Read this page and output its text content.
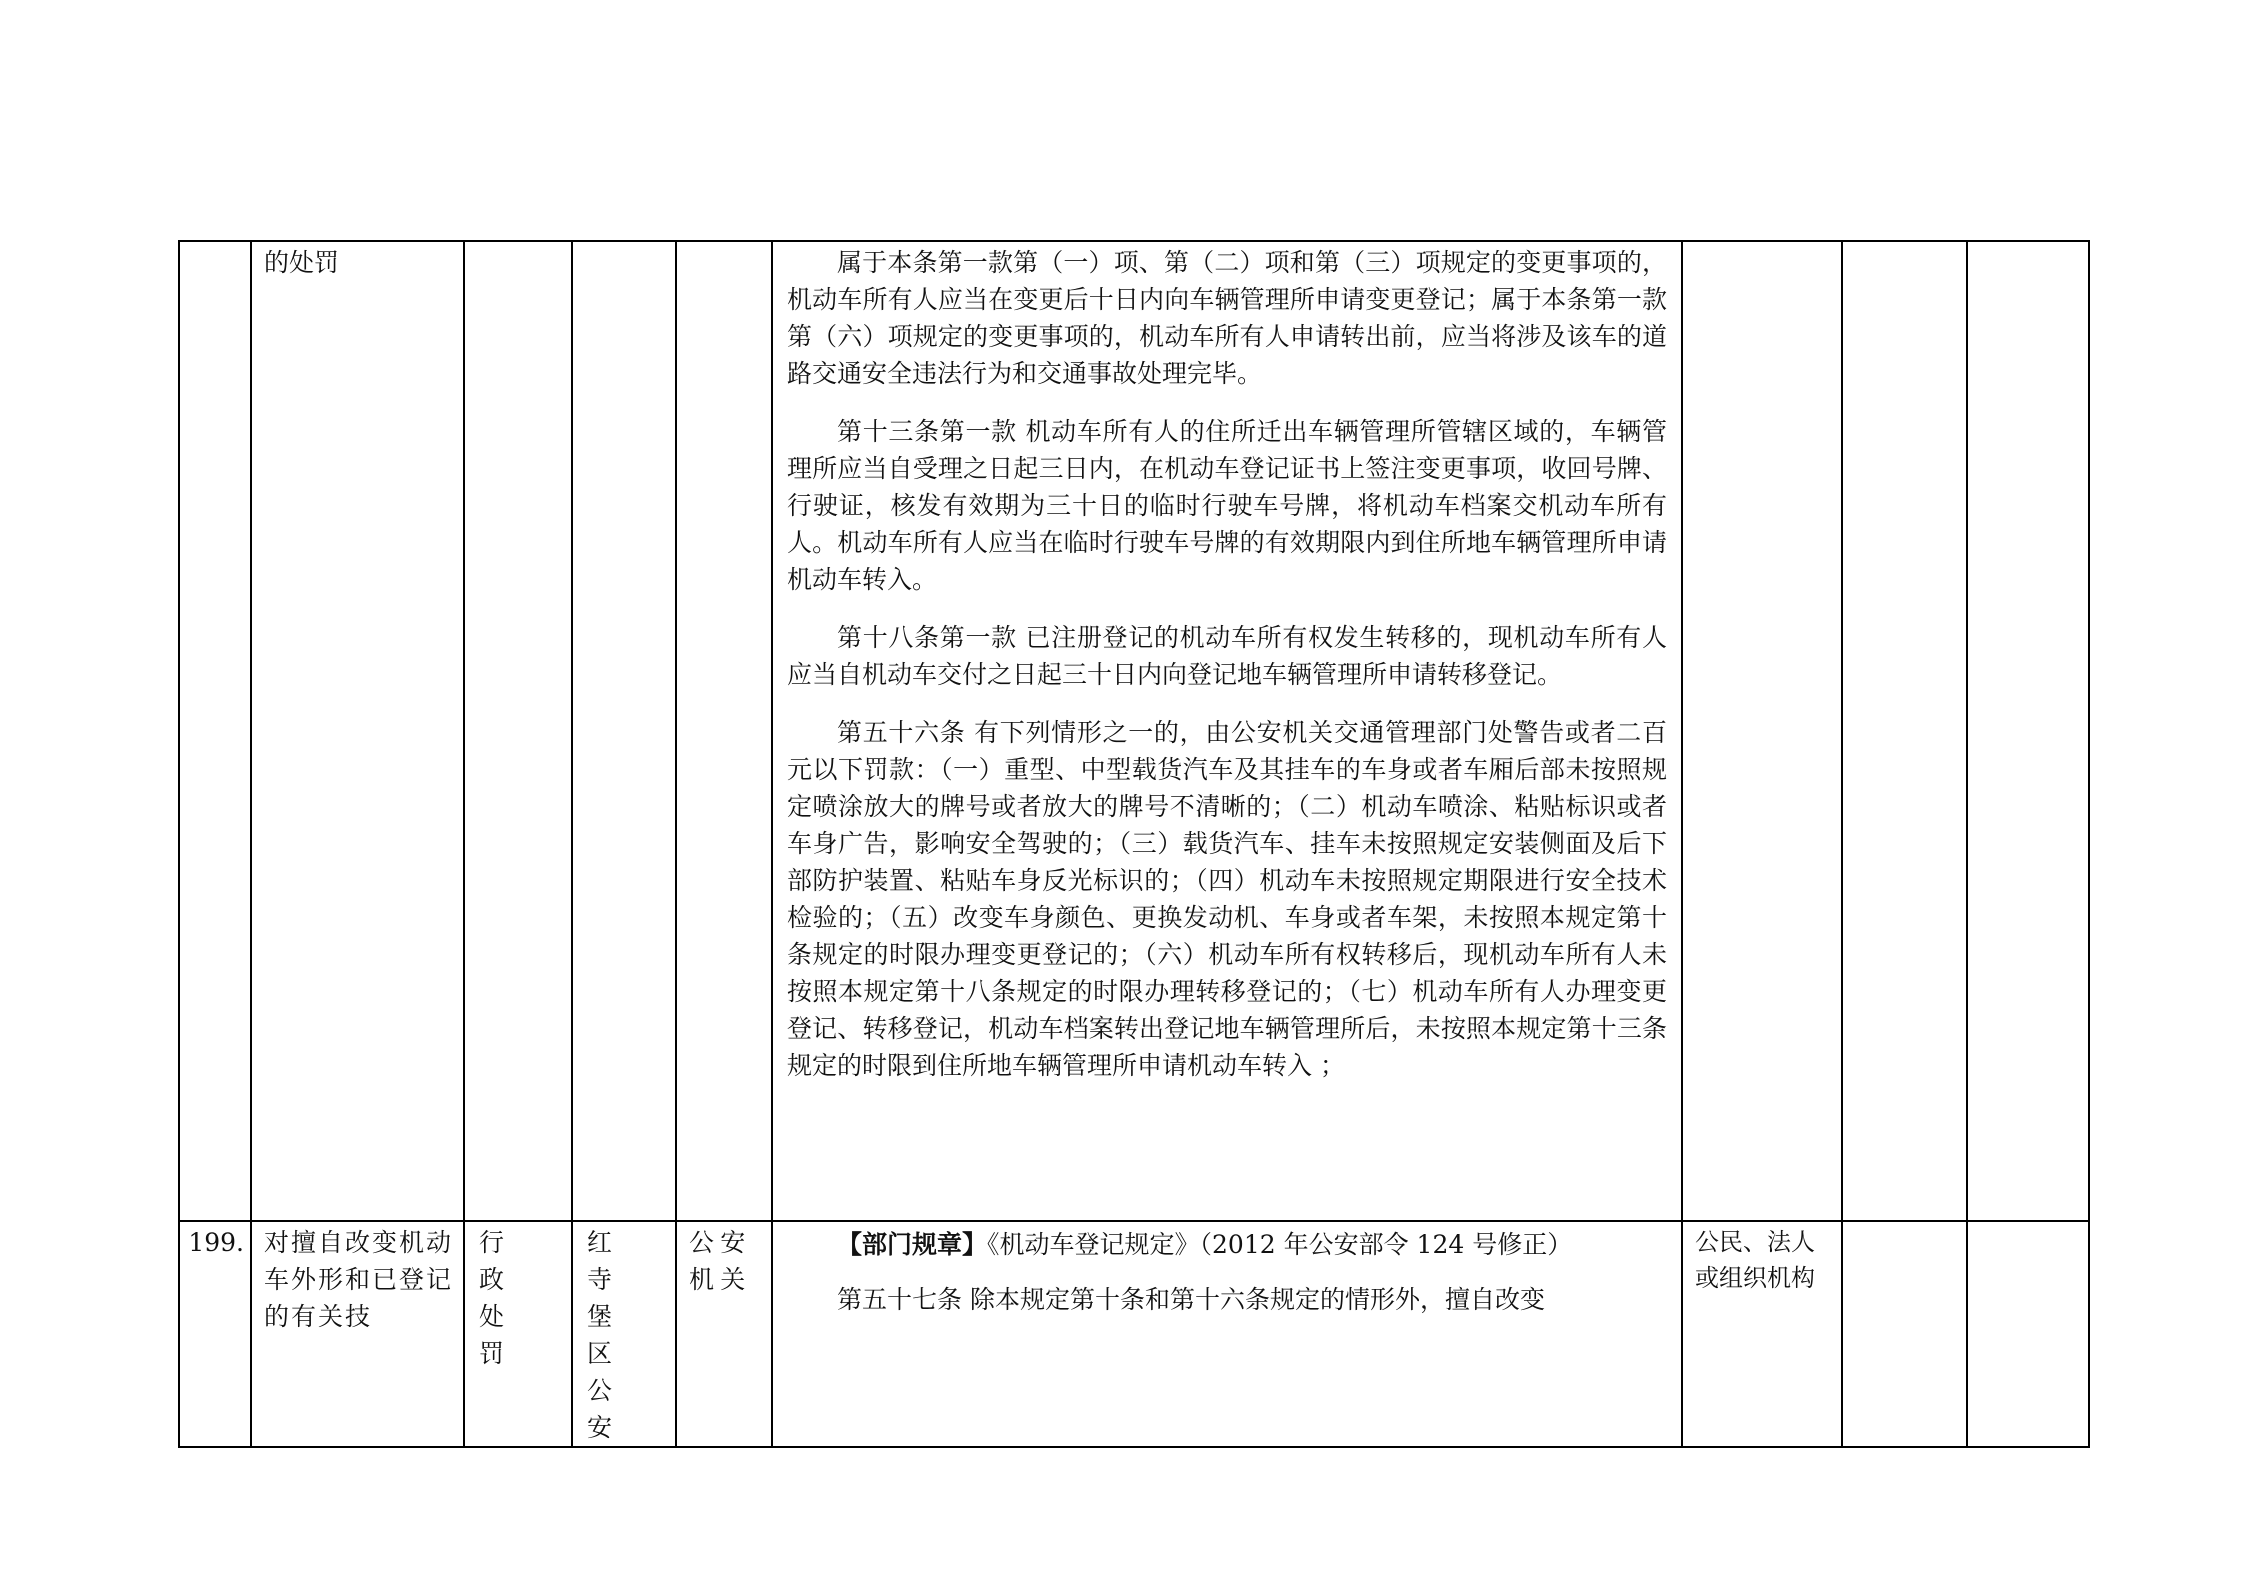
	的处罚				属于本条第一款第（一）项、第（二）项和第（三）项规定的变更事项的，机动车所有人应当在变更后十日内向车辆管理所申请变更登记；属于本条第一款第（六）项规定的变更事项的，机动车所有人申请转出前，应当将涉及该车的道路交通安全违法行为和交通事故处理完毕。

第十三条第一款 机动车所有人的住所迁出车辆管理所管辖区域的，车辆管理所应当自受理之日起三日内，在机动车登记证书上签注变更事项，收回号牌、行驶证，核发有效期为三十日的临时行驶车号牌，将机动车档案交机动车所有人。机动车所有人应当在临时行驶车号牌的有效期限内到住所地车辆管理所申请机动车转入。

第十八条第一款 已注册登记的机动车所有权发生转移的，现机动车所有人应当自机动车交付之日起三十日内向登记地车辆管理所申请转移登记。

第五十六条 有下列情形之一的，由公安机关交通管理部门处警告或者二百元以下罚款：（一）重型、中型载货汽车及其挂车的车身或者车厢后部未按照规定喷涂放大的牌号或者放大的牌号不清晰的；（二）机动车喷涂、粘贴标识或者车身广告，影响安全驾驶的；（三）载货汽车、挂车未按照规定安装侧面及后下部防护装置、粘贴车身反光标识的；（四）机动车未按照规定期限进行安全技术检验的；（五）改变车身颜色、更换发动机、车身或者车架，未按照本规定第十条规定的时限办理变更登记的；（六）机动车所有权转移后，现机动车所有人未按照本规定第十八条规定的时限办理转移登记的；（七）机动车所有人办理变更登记、转移登记，机动车档案转出登记地车辆管理所后，未按照本规定第十三条规定的时限到住所地车辆管理所申请机动车转入 ；			

199.	对擅自改变机动车外形和已登记的有关技	行政处罚	红寺堡区公安	公安机关	【部门规章】《机动车登记规定》（2012 年公安部令 124 号修正）

第五十七条 除本规定第十条和第十六条规定的情形外，擅自改变	公民、法人或组织机构		
